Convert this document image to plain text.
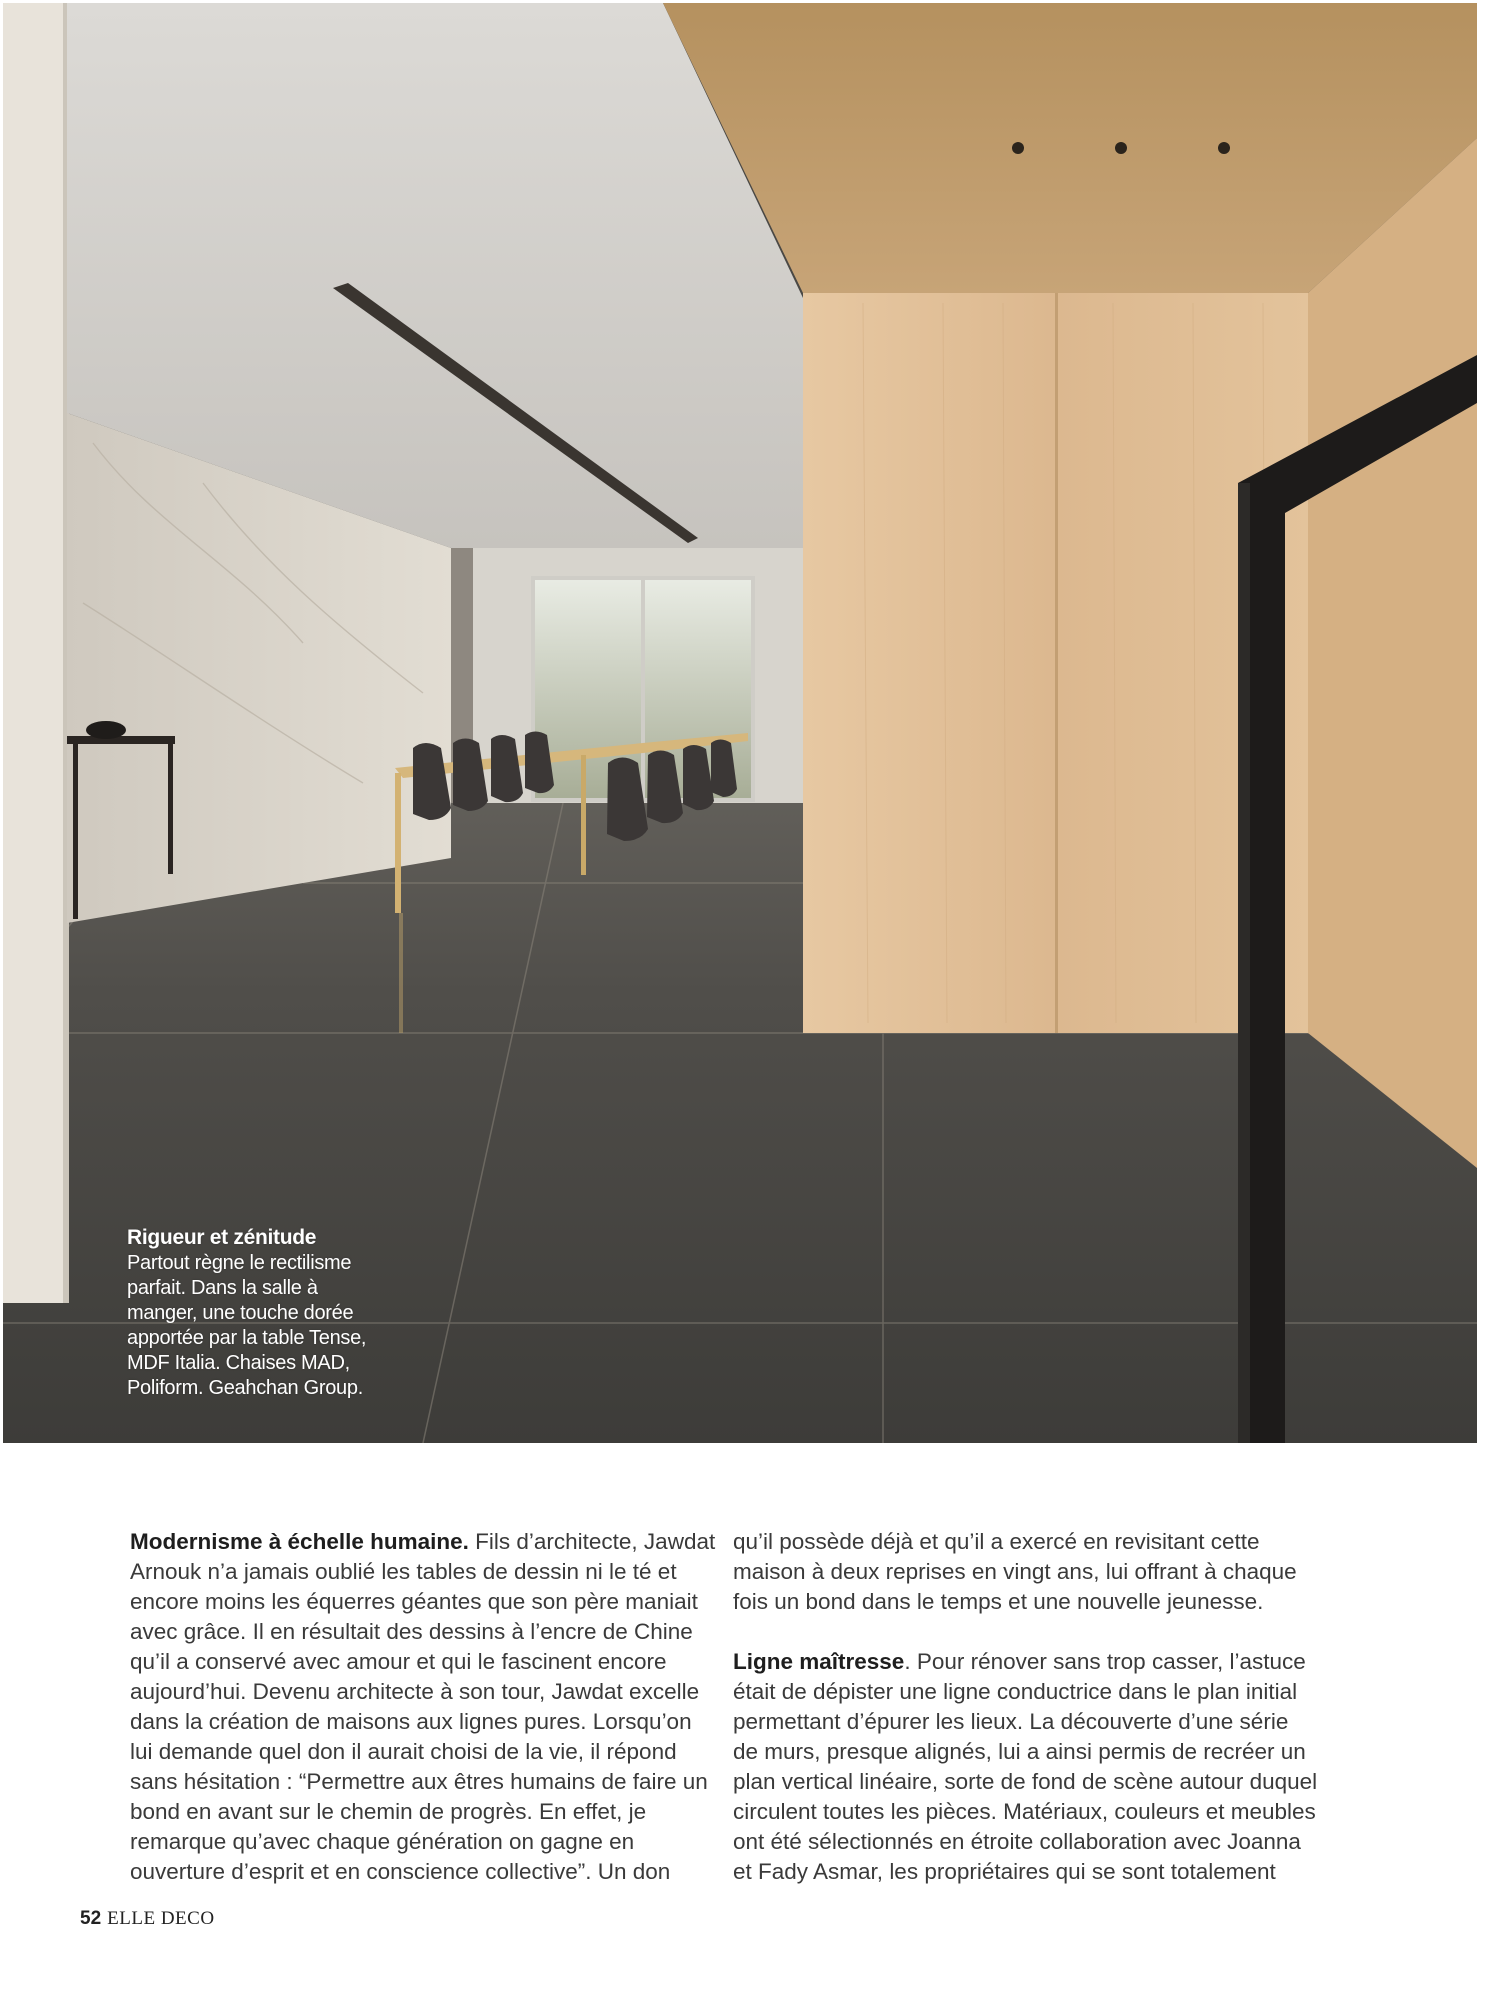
Rigueur et zénitude
Partout règne le rectilisme
parfait. Dans la salle à
manger, une touche dorée
apportée par la table Tense,
MDF Italia. Chaises MAD,
Poliform. Geahchan Group.
Modernisme à échelle humaine. Fils d’architecte, Jawdat
Arnouk n’a jamais oublié les tables de dessin ni le té et
encore moins les équerres géantes que son père maniait
avec grâce. Il en résultait des dessins à l’encre de Chine
qu’il a conservé avec amour et qui le fascinent encore
aujourd’hui. Devenu architecte à son tour, Jawdat excelle
dans la création de maisons aux lignes pures. Lorsqu’on
lui demande quel don il aurait choisi de la vie, il répond
sans hésitation : “Permettre aux êtres humains de faire un
bond en avant sur le chemin de progrès. En effet, je
remarque qu’avec chaque génération on gagne en
ouverture d’esprit et en conscience collective”. Un don
qu’il possède déjà et qu’il a exercé en revisitant cette
maison à deux reprises en vingt ans, lui offrant à chaque
fois un bond dans le temps et une nouvelle jeunesse.
Ligne maîtresse. Pour rénover sans trop casser, l’astuce
était de dépister une ligne conductrice dans le plan initial
permettant d’épurer les lieux. La découverte d’une série
de murs, presque alignés, lui a ainsi permis de recréer un
plan vertical linéaire, sorte de fond de scène autour duquel
circulent toutes les pièces. Matériaux, couleurs et meubles
ont été sélectionnés en étroite collaboration avec Joanna
et Fady Asmar, les propriétaires qui se sont totalement
52 ELLE DECO
